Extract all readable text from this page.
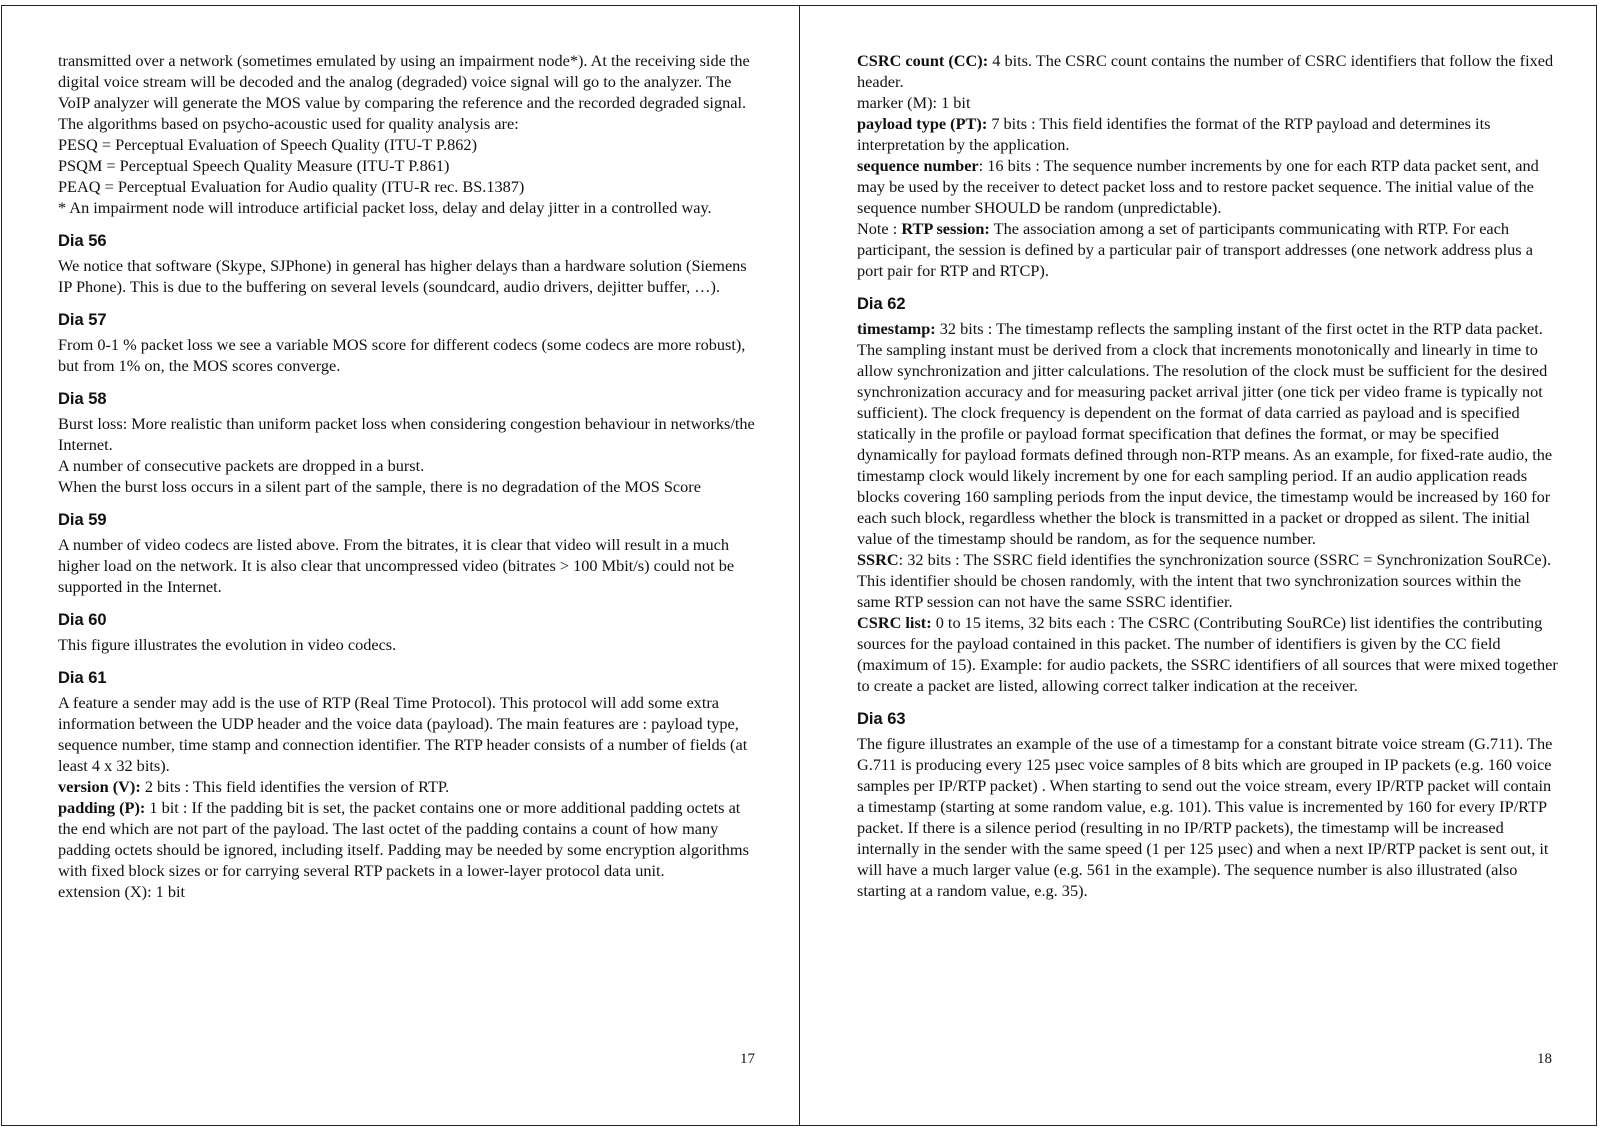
transmitted over a network (sometimes emulated by using an impairment node*). At the receiving side the digital voice stream will be decoded and the analog (degraded) voice signal will go to the analyzer. The VoIP analyzer will generate the MOS value by comparing the reference and the recorded degraded signal.

The algorithms based on psycho-acoustic used for quality analysis are:

PESQ = Perceptual Evaluation of Speech Quality (ITU-T P.862)

PSQM = Perceptual Speech Quality Measure (ITU-T P.861)

PEAQ = Perceptual Evaluation for Audio quality (ITU-R rec. BS.1387)

* An impairment node will introduce artificial packet loss, delay and delay jitter in a controlled way.

Dia 56

We notice that software (Skype, SJPhone) in general has higher delays than a hardware solution (Siemens IP Phone). This is due to the buffering on several levels (soundcard, audio drivers, dejitter buffer, …).

Dia 57

From 0-1 % packet loss we see a variable MOS score for different codecs (some codecs are more robust), but from 1% on, the MOS scores converge.

Dia 58

Burst loss: More realistic than uniform packet loss when considering congestion behaviour in networks/the Internet.

A number of consecutive packets are dropped in a burst.

When the burst loss occurs in a silent part of the sample, there is no degradation of the MOS Score

Dia 59

A number of video codecs are listed above. From the bitrates, it is clear that video will result in a much higher load on the network. It is also clear that uncompressed video (bitrates > 100 Mbit/s) could not be supported in the Internet.

Dia 60

This figure illustrates the evolution in video codecs.

Dia 61

A feature a sender may add is the use of RTP (Real Time Protocol). This protocol will add some extra information between the UDP header and the voice data (payload). The main features are : payload type, sequence number, time stamp and connection identifier. The RTP header consists of a number of fields (at least 4 x 32 bits).

version (V): 2 bits : This field identifies the version of RTP.

padding (P): 1 bit : If the padding bit is set, the packet contains one or more additional padding octets at the end which are not part of the payload. The last octet of the padding contains a count of how many padding octets should be ignored, including itself. Padding may be needed by some encryption algorithms with fixed block sizes or for carrying several RTP packets in a lower-layer protocol data unit.

extension (X): 1 bit

17

CSRC count (CC): 4 bits. The CSRC count contains the number of CSRC identifiers that follow the fixed header.

marker (M): 1 bit

payload type (PT): 7 bits : This field identifies the format of the RTP payload and determines its interpretation by the application.

sequence number: 16 bits : The sequence number increments by one for each RTP data packet sent, and may be used by the receiver to detect packet loss and to restore packet sequence. The initial value of the sequence number SHOULD be random (unpredictable).

Note : RTP session: The association among a set of participants communicating with RTP. For each participant, the session is defined by a particular pair of transport addresses (one network address plus a port pair for RTP and RTCP).

Dia 62

timestamp: 32 bits : The timestamp reflects the sampling instant of the first octet in the RTP data packet. The sampling instant must be derived from a clock that increments monotonically and linearly in time to allow synchronization and jitter calculations. The resolution of the clock must be sufficient for the desired synchronization accuracy and for measuring packet arrival jitter (one tick per video frame is typically not sufficient). The clock frequency is dependent on the format of data carried as payload and is specified statically in the profile or payload format specification that defines the format, or may be specified dynamically for payload formats defined through non-RTP means. As an example, for fixed-rate audio, the timestamp clock would likely increment by one for each sampling period. If an audio application reads blocks covering 160 sampling periods from the input device, the timestamp would be increased by 160 for each such block, regardless whether the block is transmitted in a packet or dropped as silent. The initial value of the timestamp should be random, as for the sequence number.

SSRC: 32 bits : The SSRC field identifies the synchronization source (SSRC = Synchronization SouRCe). This identifier should be chosen randomly, with the intent that two synchronization sources within the same RTP session can not have the same SSRC identifier.

CSRC list: 0 to 15 items, 32 bits each : The CSRC (Contributing SouRCe) list identifies the contributing sources for the payload contained in this packet. The number of identifiers is given by the CC field (maximum of 15). Example: for audio packets, the SSRC identifiers of all sources that were mixed together to create a packet are listed, allowing correct talker indication at the receiver.

Dia 63

The figure illustrates an example of the use of a timestamp for a constant bitrate voice stream (G.711). The G.711 is producing every 125 µsec voice samples of 8 bits which are grouped in IP packets (e.g. 160 voice samples per IP/RTP packet) . When starting to send out the voice stream, every IP/RTP packet will contain a timestamp (starting at some random value, e.g. 101). This value is incremented by 160 for every IP/RTP packet. If there is a silence period (resulting in no IP/RTP packets), the timestamp will be increased internally in the sender with the same speed (1 per 125 µsec) and when a next IP/RTP packet is sent out, it will have a much larger value (e.g. 561 in the example). The sequence number is also illustrated (also starting at a random value, e.g. 35).

18
